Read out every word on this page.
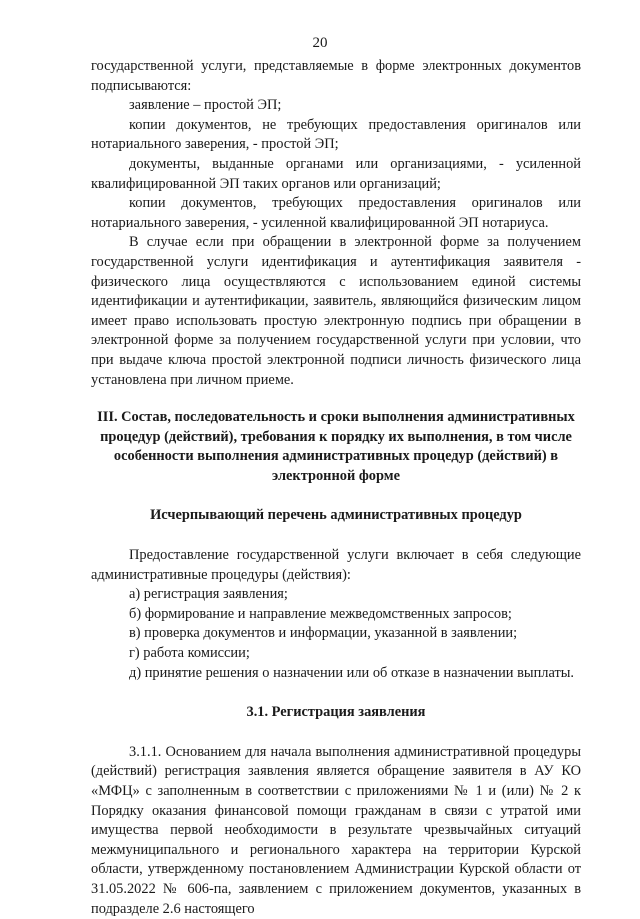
20

государственной услуги, представляемые в форме электронных документов подписываются:

заявление – простой ЭП;

копии документов, не требующих предоставления оригиналов или нотариального заверения, - простой ЭП;

документы, выданные органами или организациями, - усиленной квалифицированной ЭП таких органов или организаций;

копии документов, требующих предоставления оригиналов или нотариального заверения, - усиленной квалифицированной ЭП нотариуса.

В случае если при обращении в электронной форме за получением государственной услуги идентификация и аутентификация заявителя - физического лица осуществляются с использованием единой системы идентификации и аутентификации, заявитель, являющийся физическим лицом имеет право использовать простую электронную подпись при обращении в электронной форме за получением государственной услуги при условии, что при выдаче ключа простой электронной подписи личность физического лица установлена при личном приеме.

III. Состав, последовательность и сроки выполнения административных процедур (действий), требования к порядку их выполнения, в том числе особенности выполнения административных процедур (действий) в электронной форме
Исчерпывающий перечень административных процедур

Предоставление государственной услуги включает в себя следующие административные процедуры (действия):

а) регистрация заявления;

б) формирование и направление межведомственных запросов;

в) проверка документов и информации, указанной в заявлении;

г) работа комиссии;

д) принятие решения о назначении или об отказе в назначении выплаты.

3.1. Регистрация заявления

3.1.1. Основанием для начала выполнения административной процедуры (действий) регистрация заявления является обращение заявителя в АУ КО «МФЦ» с заполненным в соответствии с приложениями № 1 и (или) № 2 к Порядку оказания финансовой помощи гражданам в связи с утратой ими имущества первой необходимости в результате чрезвычайных ситуаций межмуниципального и регионального характера на территории Курской области, утвержденному постановлением Администрации Курской области от 31.05.2022 № 606-па, заявлением с приложением документов, указанных в подразделе 2.6 настоящего
